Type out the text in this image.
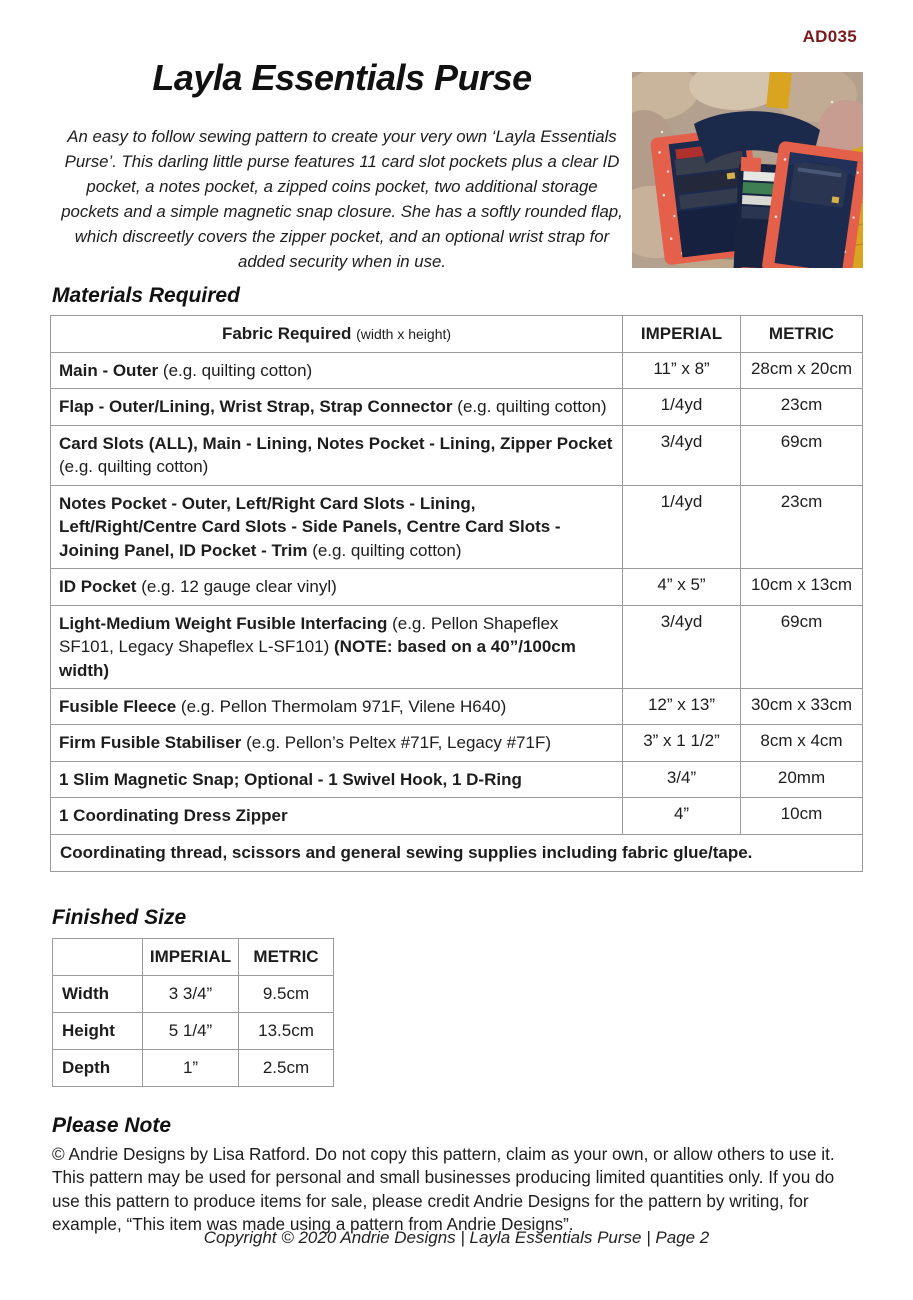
AD035
Layla Essentials Purse
An easy to follow sewing pattern to create your very own ‘Layla Essentials Purse’. This darling little purse features 11 card slot pockets plus a clear ID pocket, a notes pocket, a zipped coins pocket, two additional storage pockets and a simple magnetic snap closure. She has a softly rounded flap, which discreetly covers the zipper pocket, and an optional wrist strap for added security when in use.
Materials Required
Fabric Required (width x height)	IMPERIAL	METRIC
Main - Outer (e.g. quilting cotton)	11” x 8”	28cm x 20cm
Flap - Outer/Lining, Wrist Strap, Strap Connector (e.g. quilting cotton)	1/4yd	23cm
Card Slots (ALL), Main - Lining, Notes Pocket - Lining, Zipper Pocket (e.g. quilting cotton)	3/4yd	69cm
Notes Pocket - Outer, Left/Right Card Slots - Lining, Left/Right/Centre Card Slots - Side Panels, Centre Card Slots - Joining Panel, ID Pocket - Trim (e.g. quilting cotton)	1/4yd	23cm
ID Pocket (e.g. 12 gauge clear vinyl)	4” x 5”	10cm x 13cm
Light-Medium Weight Fusible Interfacing (e.g. Pellon Shapeflex SF101, Legacy Shapeflex L-SF101) (NOTE: based on a 40”/100cm width)	3/4yd	69cm
Fusible Fleece (e.g. Pellon Thermolam 971F, Vilene H640)	12” x 13”	30cm x 33cm
Firm Fusible Stabiliser (e.g. Pellon’s Peltex #71F, Legacy #71F)	3” x 1 1/2”	8cm x 4cm
1 Slim Magnetic Snap; Optional - 1 Swivel Hook, 1 D-Ring	3/4”	20mm
1 Coordinating Dress Zipper	4”	10cm
Coordinating thread, scissors and general sewing supplies including fabric glue/tape.		
Finished Size
	IMPERIAL	METRIC
Width	3 3/4”	9.5cm
Height	5 1/4”	13.5cm
Depth	1”	2.5cm
Please Note
© Andrie Designs by Lisa Ratford. Do not copy this pattern, claim as your own, or allow others to use it. This pattern may be used for personal and small businesses producing limited quantities only. If you do use this pattern to produce items for sale, please credit Andrie Designs for the pattern by writing, for example, “This item was made using a pattern from Andrie Designs”.
Copyright © 2020 Andrie Designs | Layla Essentials Purse | Page 2
